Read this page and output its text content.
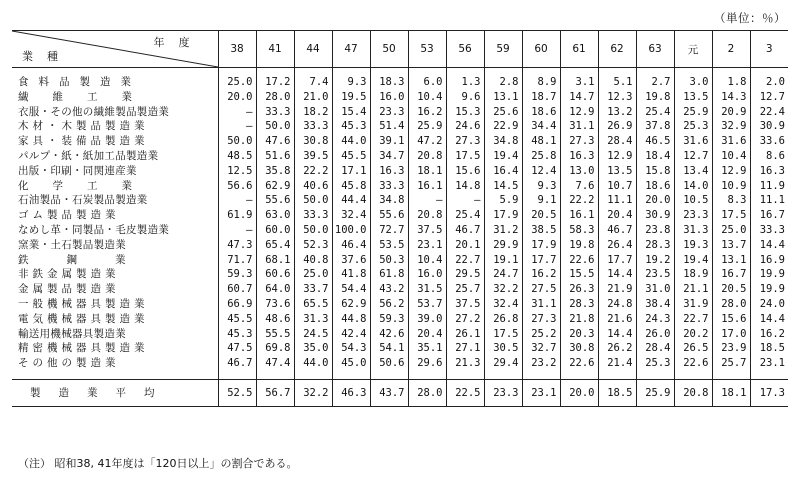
（単位：％）
年度
業種	38	41	44	47	50	53	56	59	60	61	62	63	元	2	3
食料品製造業	25.0	17.2	7.4	9.3	18.3	6.0	1.3	2.8	8.9	3.1	5.1	2.7	3.0	1.8	2.0
繊維工業	20.0	28.0	21.0	19.5	16.0	10.4	9.6	13.1	18.7	14.7	12.3	19.8	13.5	14.3	12.7
衣服・その他の繊維製品製造業	—	33.3	18.2	15.4	23.3	16.2	15.3	25.6	18.6	12.9	13.2	25.4	25.9	20.9	22.4
木材・木製品製造業	—	50.0	33.3	45.3	51.4	25.9	24.6	22.9	34.4	31.1	26.9	37.8	25.3	32.9	30.9
家具・装備品製造業	50.0	47.6	30.8	44.0	39.1	47.2	27.3	34.8	48.1	27.3	28.4	46.5	31.6	31.6	33.6
パルプ・紙・紙加工品製造業	48.5	51.6	39.5	45.5	34.7	20.8	17.5	19.4	25.8	16.3	12.9	18.4	12.7	10.4	8.6
出版・印刷・同関連産業	12.5	35.8	22.2	17.1	16.3	18.1	15.6	16.4	12.4	13.0	13.5	15.8	13.4	12.9	16.3
化学工業	56.6	62.9	40.6	45.8	33.3	16.1	14.8	14.5	9.3	7.6	10.7	18.6	14.0	10.9	11.9
石油製品・石炭製品製造業	—	55.6	50.0	44.4	34.8	—	—	5.9	9.1	22.2	11.1	20.0	10.5	8.3	11.1
ゴム製品製造業	61.9	63.0	33.3	32.4	55.6	20.8	25.4	17.9	20.5	16.1	20.4	30.9	23.3	17.5	16.7
なめし革・同製品・毛皮製造業	—	60.0	50.0	100.0	72.7	37.5	46.7	31.2	38.5	58.3	46.7	23.8	31.3	25.0	33.3
窯業・土石製品製造業	47.3	65.4	52.3	46.4	53.5	23.1	20.1	29.9	17.9	19.8	26.4	28.3	19.3	13.7	14.4
鉄鋼業	71.7	68.1	40.8	37.6	50.3	10.4	22.7	19.1	17.7	22.6	17.7	19.2	19.4	13.1	16.9
非鉄金属製造業	59.3	60.6	25.0	41.8	61.8	16.0	29.5	24.7	16.2	15.5	14.4	23.5	18.9	16.7	19.9
金属製品製造業	60.7	64.0	33.7	54.4	43.2	31.5	25.7	32.2	27.5	26.3	21.9	31.0	21.1	20.5	19.9
一般機械器具製造業	66.9	73.6	65.5	62.9	56.2	53.7	37.5	32.4	31.1	28.3	24.8	38.4	31.9	28.0	24.0
電気機械器具製造業	45.5	48.6	31.3	44.8	59.3	39.0	27.2	26.8	27.3	21.8	21.6	24.3	22.7	15.6	14.4
輸送用機械器具製造業	45.3	55.5	24.5	42.4	42.6	20.4	26.1	17.5	25.2	20.3	14.4	26.0	20.2	17.0	16.2
精密機械器具製造業	47.5	69.8	35.0	54.3	54.1	35.1	27.1	30.5	32.7	30.8	26.2	28.4	26.5	23.9	18.5
その他の製造業	46.7	47.4	44.0	45.0	50.6	29.6	21.3	29.4	23.2	22.6	21.4	25.3	22.6	25.7	23.1

製造業平均	52.5	56.7	32.2	46.3	43.7	28.0	22.5	23.3	23.1	20.0	18.5	25.9	20.8	18.1	17.3
（注） 昭和38, 41年度は「120日以上」の割合である。
